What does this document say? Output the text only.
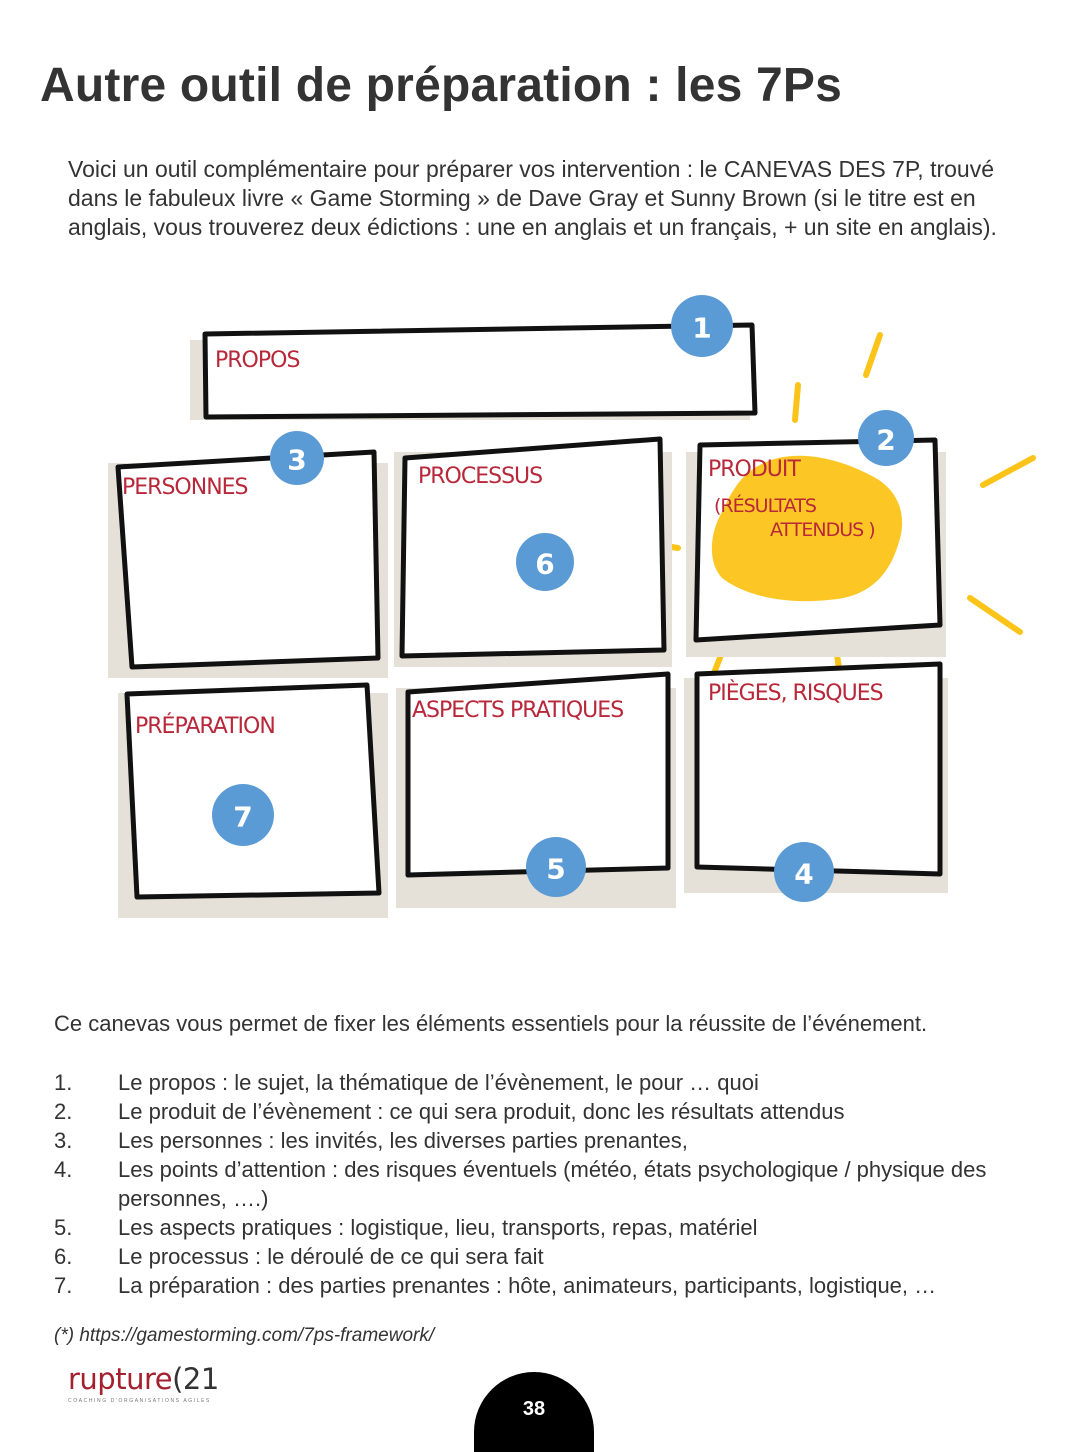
Autre outil de préparation : les 7Ps

Voici un outil complémentaire pour préparer vos intervention : le CANEVAS DES 7P, trouvé dans le fabuleux livre « Game Storming » de Dave Gray et Sunny Brown (si le titre est en anglais, vous trouverez deux édictions : une en anglais et un français, + un site en anglais).

PROPOS
PERSONNES	PROCESSUS	PRODUIT
(RÉSULTATS
ATTENDUS )
PRÉPARATION
ASPECTS PRATIQUES
PIÈGES, RISQUES
1
2
3
6
7
5	4

Ce canevas vous permet de fixer les éléments essentiels pour la réussite de l’événement.

1.	Le propos : le sujet, la thématique de l’évènement, le pour … quoi
2.	Le produit de l’évènement : ce qui sera produit, donc les résultats attendus
3.	Les personnes : les invités, les diverses parties prenantes,
4.	Les points d’attention : des risques éventuels (météo, états psychologique / physique des personnes, ….)
5.	Les aspects pratiques : logistique, lieu, transports, repas, matériel
6.	Le processus : le déroulé de ce qui sera fait
7.	La préparation : des parties prenantes : hôte, animateurs, participants, logistique, …

(*) https://gamestorming.com/7ps-framework/

rupture(21
COACHING D'ORGANISATIONS AGILES	38
